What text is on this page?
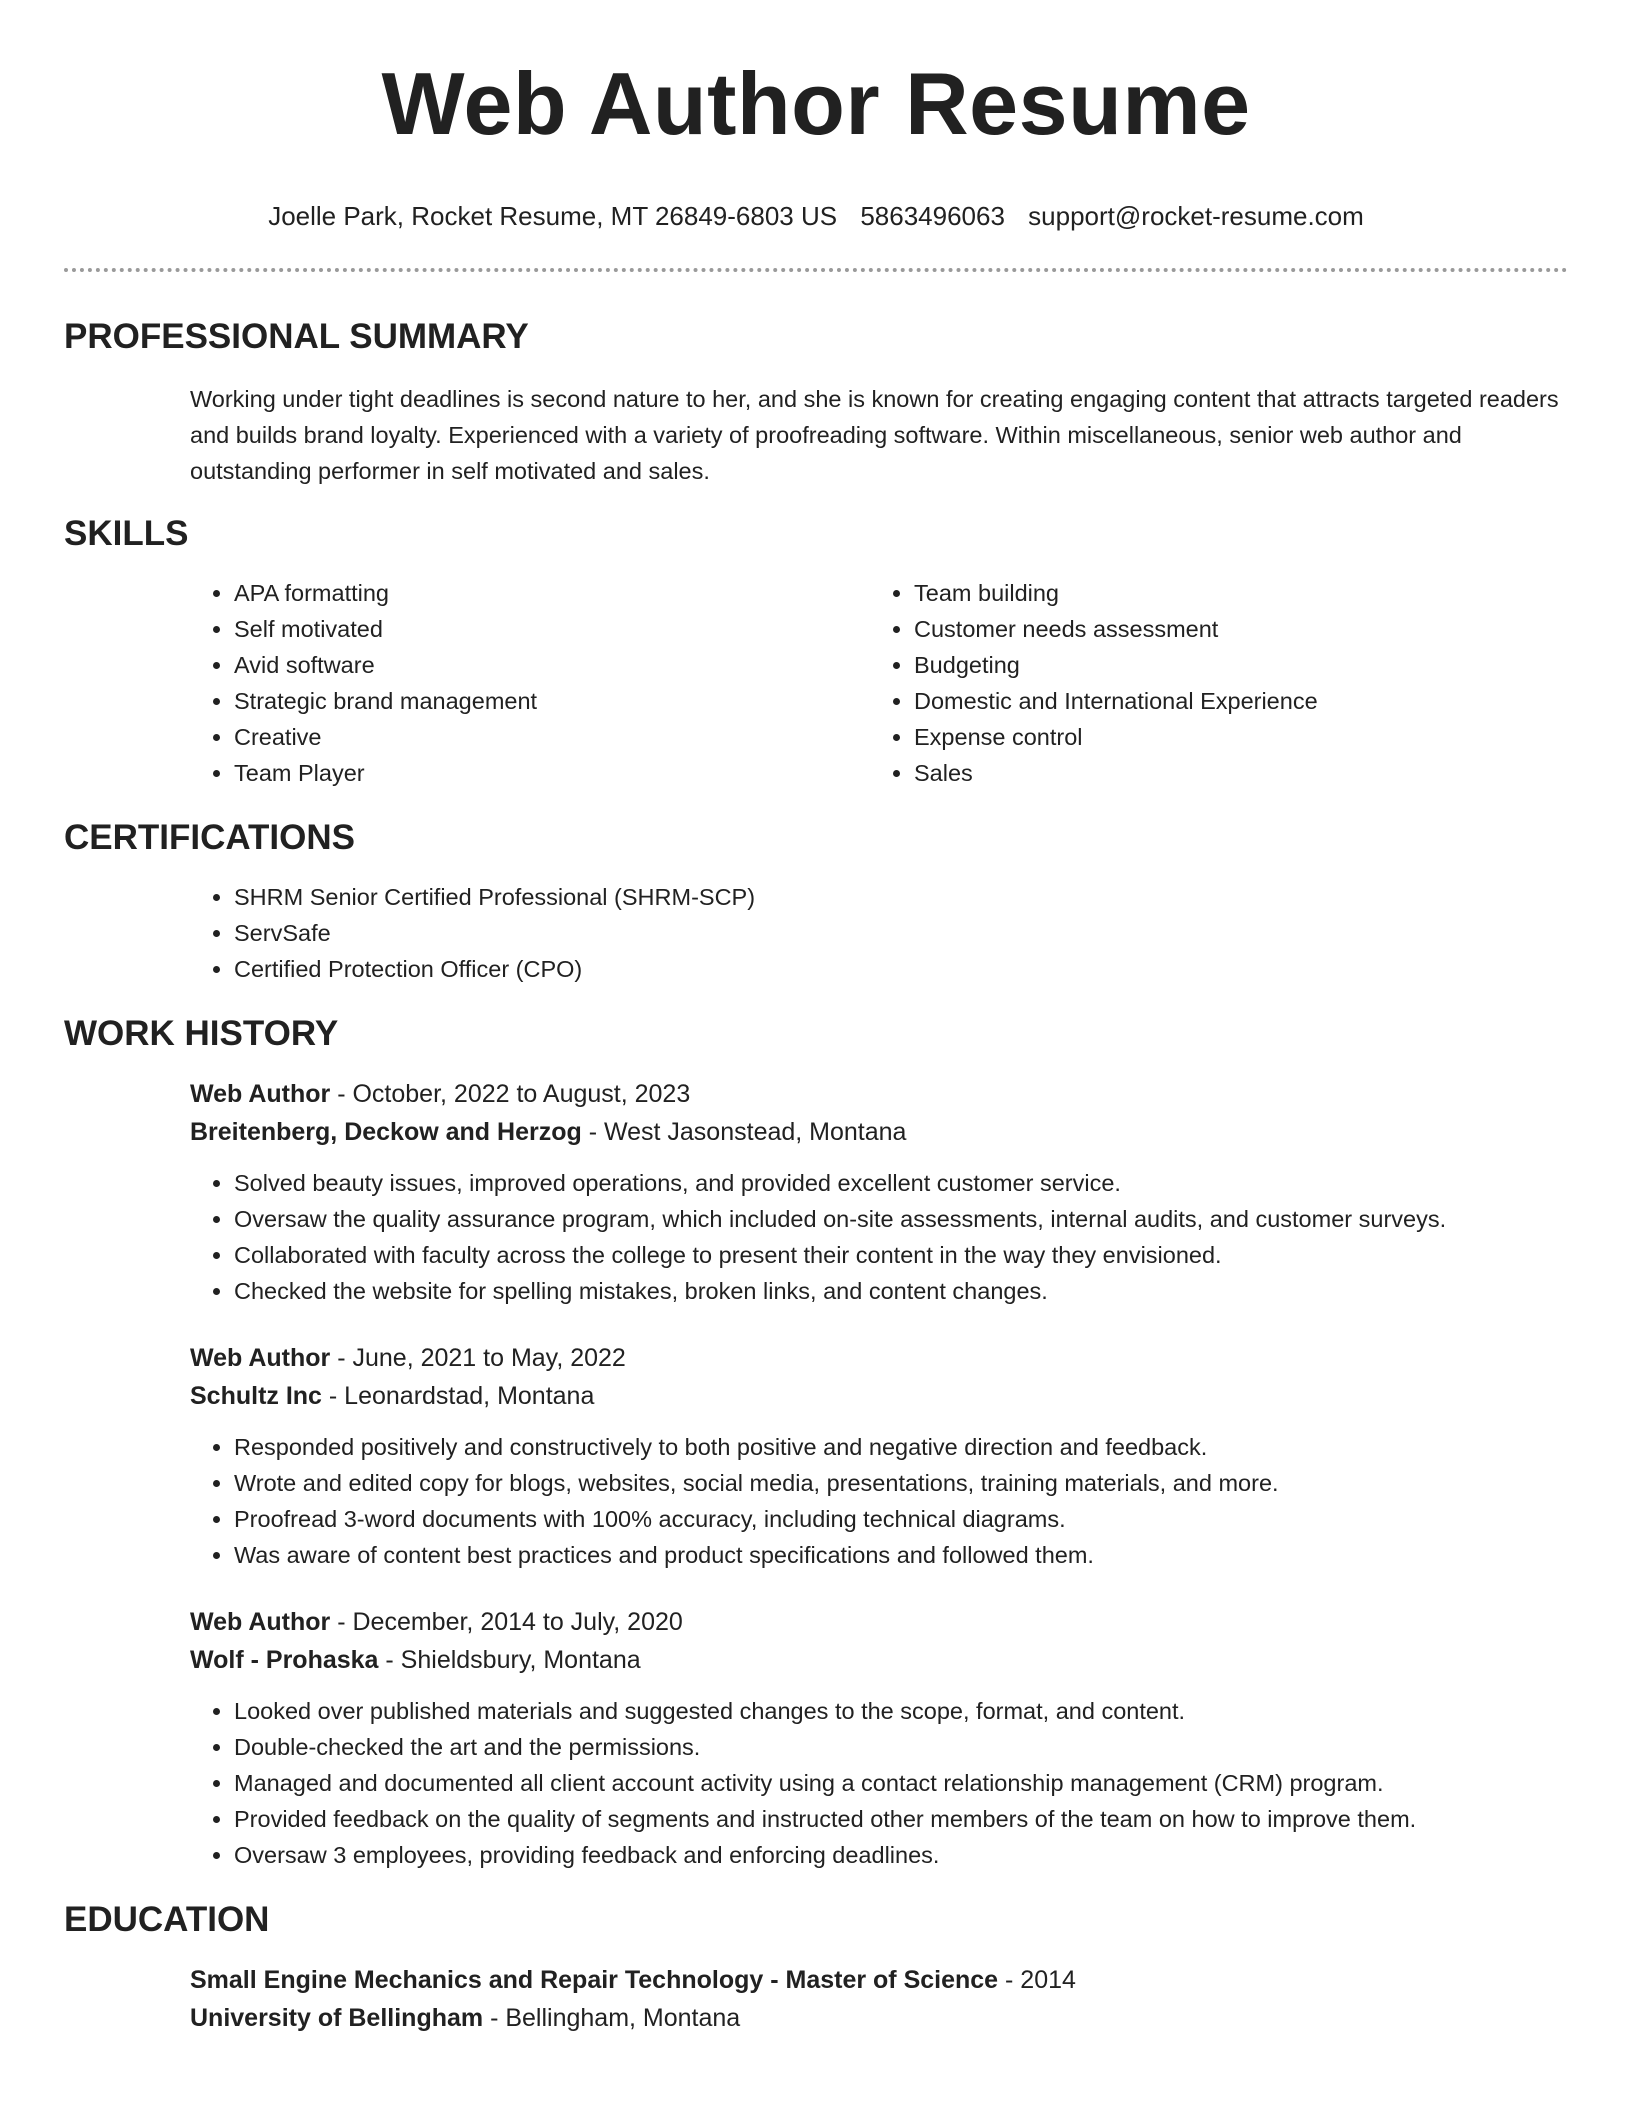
Web Author Resume
Joelle Park, Rocket Resume, MT 26849-6803 US 5863496063 support@rocket-resume.com
PROFESSIONAL SUMMARY

Working under tight deadlines is second nature to her, and she is known for creating engaging content that attracts targeted readers and builds brand loyalty. Experienced with a variety of proofreading software. Within miscellaneous, senior web author and outstanding performer in self motivated and sales.

SKILLS
• APA formatting
• Self motivated
• Avid software
• Strategic brand management
• Creative
• Team Player
• Team building
• Customer needs assessment
• Budgeting
• Domestic and International Experience
• Expense control
• Sales
CERTIFICATIONS
• SHRM Senior Certified Professional (SHRM-SCP)
• ServSafe
• Certified Protection Officer (CPO)
WORK HISTORY
Web Author - October, 2022 to August, 2023
Breitenberg, Deckow and Herzog - West Jasonstead, Montana
• Solved beauty issues, improved operations, and provided excellent customer service.
• Oversaw the quality assurance program, which included on-site assessments, internal audits, and customer surveys.
• Collaborated with faculty across the college to present their content in the way they envisioned.
• Checked the website for spelling mistakes, broken links, and content changes.
Web Author - June, 2021 to May, 2022
Schultz Inc - Leonardstad, Montana
• Responded positively and constructively to both positive and negative direction and feedback.
• Wrote and edited copy for blogs, websites, social media, presentations, training materials, and more.
• Proofread 3-word documents with 100% accuracy, including technical diagrams.
• Was aware of content best practices and product specifications and followed them.
Web Author - December, 2014 to July, 2020
Wolf - Prohaska - Shieldsbury, Montana
• Looked over published materials and suggested changes to the scope, format, and content.
• Double-checked the art and the permissions.
• Managed and documented all client account activity using a contact relationship management (CRM) program.
• Provided feedback on the quality of segments and instructed other members of the team on how to improve them.
• Oversaw 3 employees, providing feedback and enforcing deadlines.
EDUCATION
Small Engine Mechanics and Repair Technology - Master of Science - 2014
University of Bellingham - Bellingham, Montana
